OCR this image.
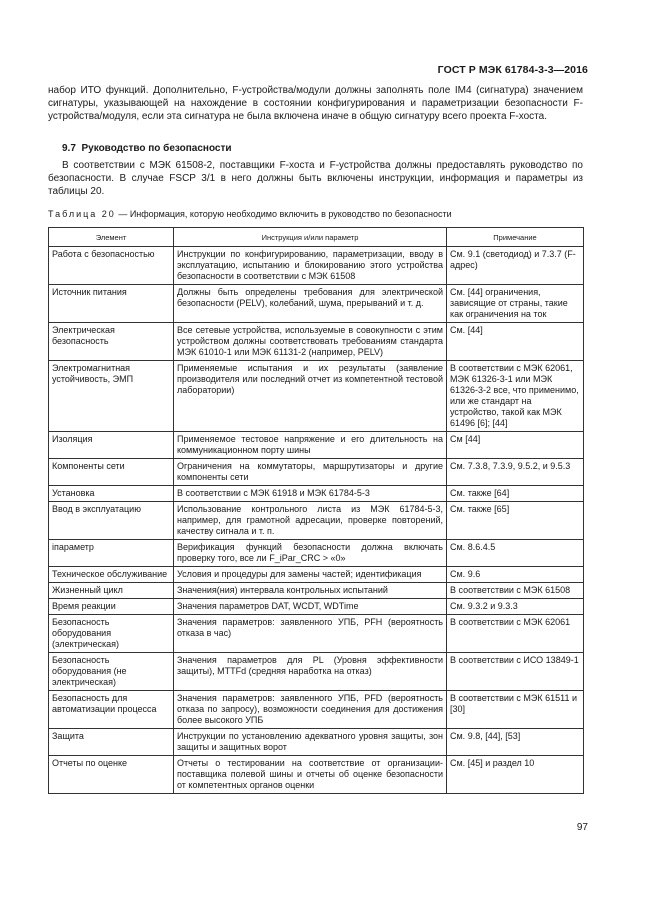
ГОСТ Р МЭК 61784-3-3—2016

набор ИТО функций. Дополнительно, F-устройства/модули должны заполнять поле IM4 (сигнатура) значением сигнатуры, указывающей на нахождение в состоянии конфигурирования и параметризации безопасности F-устройства/модуля, если эта сигнатура не была включена иначе в общую сигнатуру всего проекта F-хоста.

9.7 Руководство по безопасности

В соответствии с МЭК 61508-2, поставщики F-хоста и F-устройства должны предоставлять руководство по безопасности. В случае FSCP 3/1 в него должны быть включены инструкции, информация и параметры из таблицы 20.

Таблица 20 — Информация, которую необходимо включить в руководство по безопасности
Элемент	Инструкция и/или параметр	Примечание
Работа с безопасностью	Инструкции по конфигурированию, параметризации, вводу в эксплуатацию, испытанию и блокированию этого устройства безопасности в соответствии с МЭК 61508	См. 9.1 (светодиод) и 7.3.7 (F-адрес)
Источник питания	Должны быть определены требования для электрической безопасности (PELV), колебаний, шума, прерываний и т. д.	См. [44] ограничения, зависящие от страны, такие как ограничения на ток
Электрическая безопасность	Все сетевые устройства, используемые в совокупности с этим устройством должны соответствовать требованиям стандарта МЭК 61010-1 или МЭК 61131-2 (например, PELV)	См. [44]
Электромагнитная устойчивость, ЭМП	Применяемые испытания и их результаты (заявление производителя или последний отчет из компетентной тестовой лаборатории)	В соответствии с МЭК 62061, МЭК 61326-3-1 или МЭК 61326-3-2 все, что применимо, или же стандарт на устройство, такой как МЭК 61496 [6]; [44]
Изоляция	Применяемое тестовое напряжение и его длительность на коммуникационном порту шины	См [44]
Компоненты сети	Ограничения на коммутаторы, маршрутизаторы и другие компоненты сети	См. 7.3.8, 7.3.9, 9.5.2, и 9.5.3
Установка	В соответствии с МЭК 61918 и МЭК 61784-5-3	См. также [64]
Ввод в эксплуатацию	Использование контрольного листа из МЭК 61784-5-3, например, для грамотной адресации, проверке повторений, качеству сигнала и т. п.	См. также [65]
iпараметр	Верификация функций безопасности должна включать проверку того, все ли F_iPar_CRC > «0»	См. 8.6.4.5
Техническое обслуживание	Условия и процедуры для замены частей; идентификация	См. 9.6
Жизненный цикл	Значения(ния) интервала контрольных испытаний	В соответствии с МЭК 61508
Время реакции	Значения параметров DAT, WCDT, WDTime	См. 9.3.2 и 9.3.3
Безопасность оборудования (электрическая)	Значения параметров: заявленного УПБ, PFH (вероятность отказа в час)	В соответствии с МЭК 62061
Безопасность оборудования (не электрическая)	Значения параметров для PL (Уровня эффективности защиты), MTTFd (средняя наработка на отказ)	В соответствии с ИСО 13849-1
Безопасность для автоматизации процесса	Значения параметров: заявленного УПБ, PFD (вероятность отказа по запросу), возможности соединения для достижения более высокого УПБ	В соответствии с МЭК 61511 и [30]
Защита	Инструкции по установлению адекватного уровня защиты, зон защиты и защитных ворот	См. 9.8, [44], [53]
Отчеты по оценке	Отчеты о тестировании на соответствие от организации-поставщика полевой шины и отчеты об оценке безопасности от компетентных органов оценки	См. [45] и раздел 10
97
